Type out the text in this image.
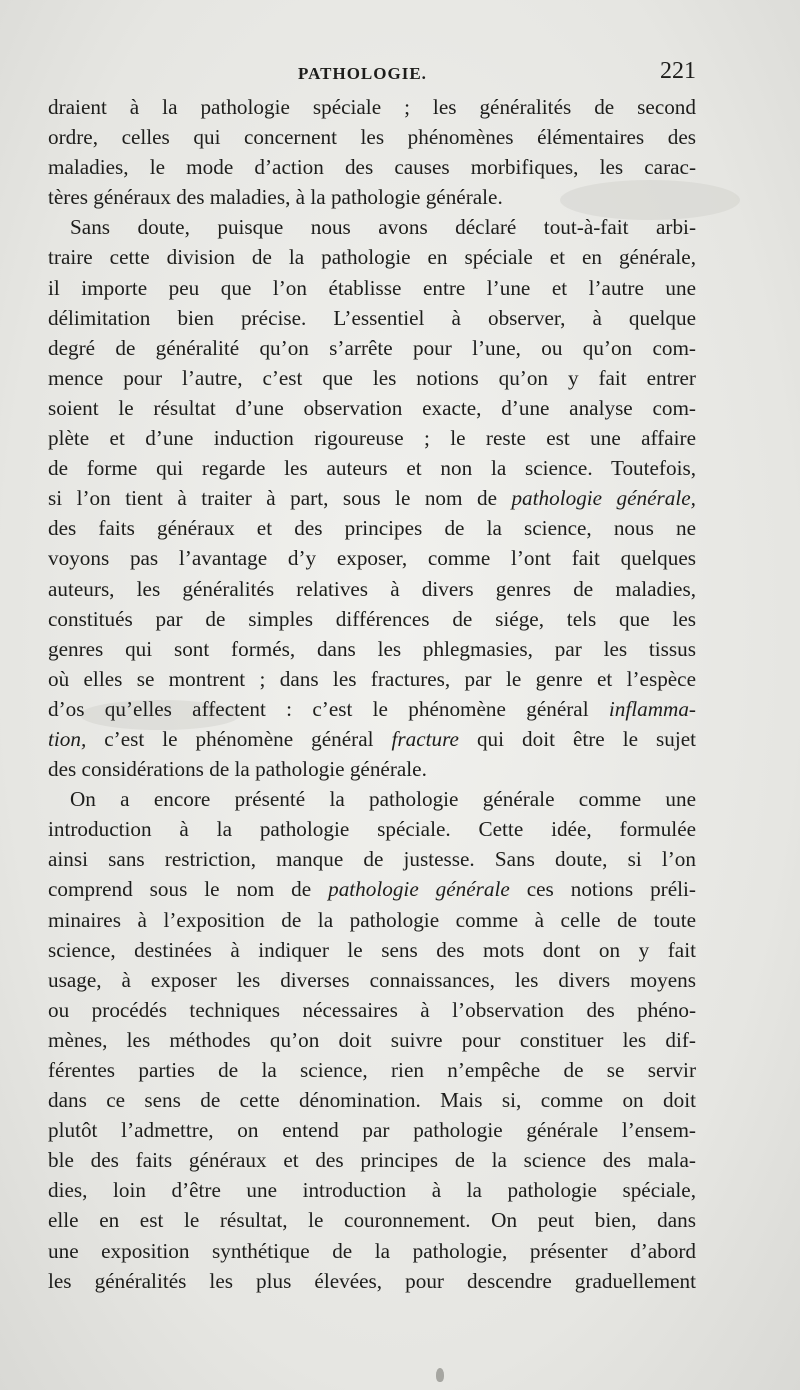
PATHOLOGIE.	221
draient à la pathologie spéciale ; les généralités de second
ordre, celles qui concernent les phénomènes élémentaires des
maladies, le mode d’action des causes morbifiques, les carac-
tères généraux des maladies, à la pathologie générale.
Sans doute, puisque nous avons déclaré tout-à-fait arbi-
traire cette division de la pathologie en spéciale et en générale,
il importe peu que l’on établisse entre l’une et l’autre une
délimitation bien précise. L’essentiel à observer, à quelque
degré de généralité qu’on s’arrête pour l’une, ou qu’on com-
mence pour l’autre, c’est que les notions qu’on y fait entrer
soient le résultat d’une observation exacte, d’une analyse com-
plète et d’une induction rigoureuse ; le reste est une affaire
de forme qui regarde les auteurs et non la science. Toutefois,
si l’on tient à traiter à part, sous le nom de pathologie générale,
des faits généraux et des principes de la science, nous ne
voyons pas l’avantage d’y exposer, comme l’ont fait quelques
auteurs, les généralités relatives à divers genres de maladies,
constitués par de simples différences de siége, tels que les
genres qui sont formés, dans les phlegmasies, par les tissus
où elles se montrent ; dans les fractures, par le genre et l’espèce
d’os qu’elles affectent : c’est le phénomène général inflamma-
tion, c’est le phénomène général fracture qui doit être le sujet
des considérations de la pathologie générale.
On a encore présenté la pathologie générale comme une
introduction à la pathologie spéciale. Cette idée, formulée
ainsi sans restriction, manque de justesse. Sans doute, si l’on
comprend sous le nom de pathologie générale ces notions préli-
minaires à l’exposition de la pathologie comme à celle de toute
science, destinées à indiquer le sens des mots dont on y fait
usage, à exposer les diverses connaissances, les divers moyens
ou procédés techniques nécessaires à l’observation des phéno-
mènes, les méthodes qu’on doit suivre pour constituer les dif-
férentes parties de la science, rien n’empêche de se servir
dans ce sens de cette dénomination. Mais si, comme on doit
plutôt l’admettre, on entend par pathologie générale l’ensem-
ble des faits généraux et des principes de la science des mala-
dies, loin d’être une introduction à la pathologie spéciale,
elle en est le résultat, le couronnement. On peut bien, dans
une exposition synthétique de la pathologie, présenter d’abord
les généralités les plus élevées, pour descendre graduellement
